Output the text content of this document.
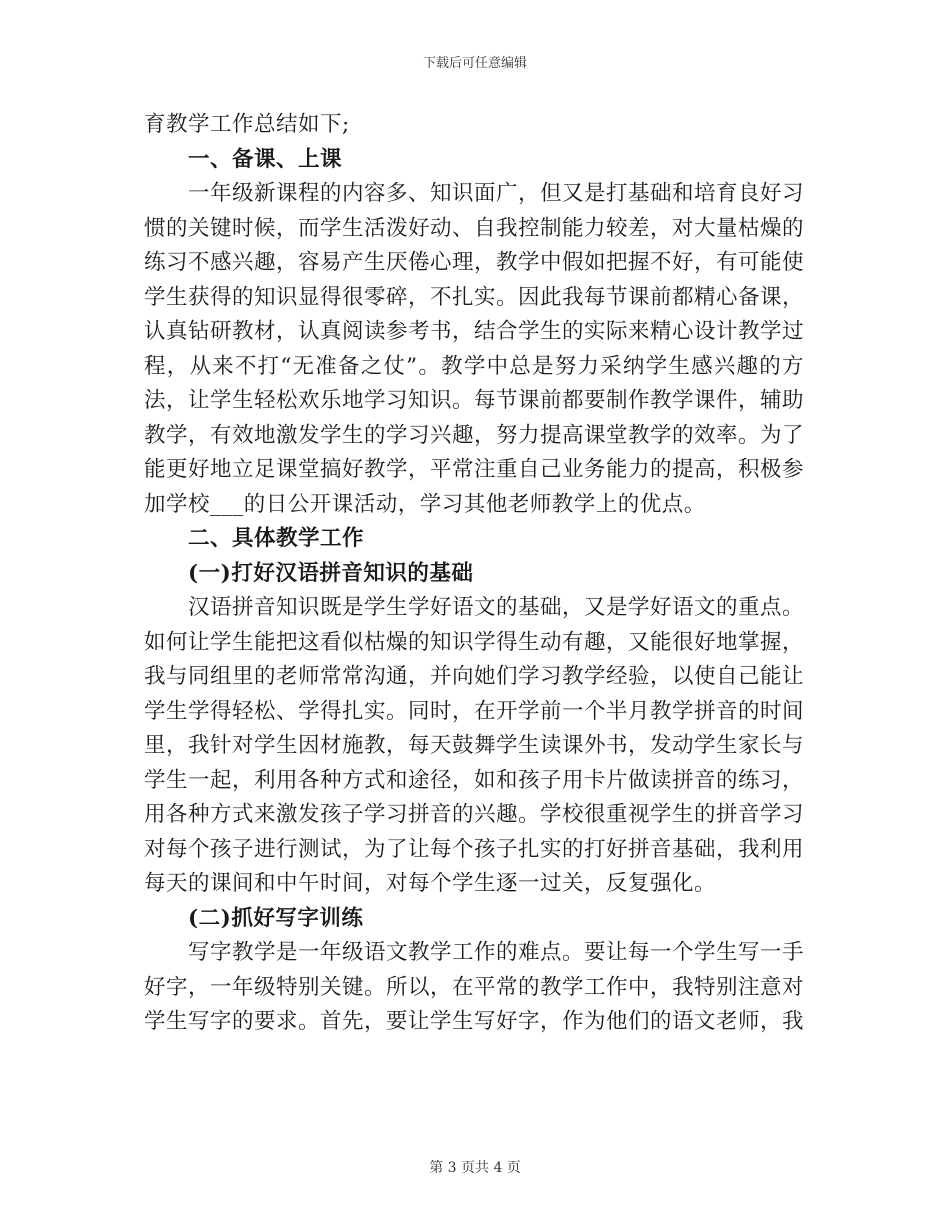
下载后可任意编辑

育教学工作总结如下;

一、备课、上课

一年级新课程的内容多、知识面广，但又是打基础和培育良好习惯的关键时候，而学生活泼好动、自我控制能力较差，对大量枯燥的练习不感兴趣，容易产生厌倦心理，教学中假如把握不好，有可能使学生获得的知识显得很零碎，不扎实。因此我每节课前都精心备课，认真钻研教材，认真阅读参考书，结合学生的实际来精心设计教学过程，从来不打“无准备之仗”。教学中总是努力采纳学生感兴趣的方法，让学生轻松欢乐地学习知识。每节课前都要制作教学课件，辅助教学，有效地激发学生的学习兴趣，努力提高课堂教学的效率。为了能更好地立足课堂搞好教学，平常注重自己业务能力的提高，积极参加学校___的日公开课活动，学习其他老师教学上的优点。

二、具体教学工作

(一)打好汉语拼音知识的基础

汉语拼音知识既是学生学好语文的基础，又是学好语文的重点。如何让学生能把这看似枯燥的知识学得生动有趣，又能很好地掌握，我与同组里的老师常常沟通，并向她们学习教学经验，以使自己能让学生学得轻松、学得扎实。同时，在开学前一个半月教学拼音的时间里，我针对学生因材施教，每天鼓舞学生读课外书，发动学生家长与学生一起，利用各种方式和途径，如和孩子用卡片做读拼音的练习，用各种方式来激发孩子学习拼音的兴趣。学校很重视学生的拼音学习对每个孩子进行测试，为了让每个孩子扎实的打好拼音基础，我利用每天的课间和中午时间，对每个学生逐一过关，反复强化。

(二)抓好写字训练

写字教学是一年级语文教学工作的难点。要让每一个学生写一手好字，一年级特别关键。所以，在平常的教学工作中，我特别注意对学生写字的要求。首先，要让学生写好字，作为他们的语文老师，我

第 3 页共 4 页
